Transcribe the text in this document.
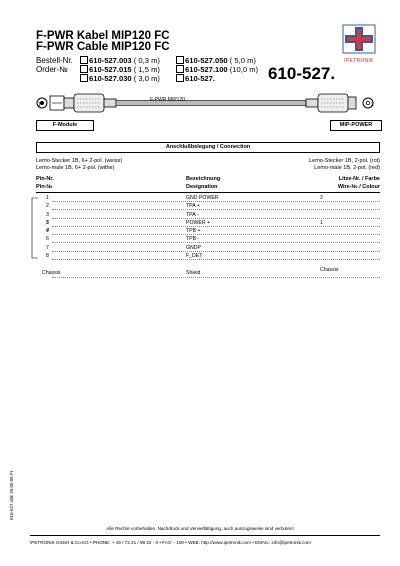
F-PWR Kabel MIP120 FC
F-PWR Cable MIP120 FC
IPETRONIK
Bestell-Nr.
Order-№
610-527.003 ( 0,3 m)
610-527.015 ( 1,5 m)
610-527.030 ( 3,0 m)
610-527.050 ( 5,0 m)
610-527.100 (10,0 m)
610-527.	610-527.
F-PWR MIP120
1	2
F-Module	MIP-POWER
Anschlußbelegung / Connection
Lemo-Stecker 1B, 6+ 2-pol. (weiss)
Lemo-male 1B, 6+ 2-pol. (withe)
Lemo-Stecker 1B, 2-pol. (rot)
Lemo-male 1B, 2-pol. (red)
Pin-Nr.
Pin-№
Bezeichnung
Designation
Litze-Nr. / Farbe
Wire-№ / Colour
1	GND POWER	2
2	TPA +
3	TPA -
5	POWER +	1
4	TPB +
6	TPB -
7	GNDP
8	F_DET
Chassis	Shield	Chassis
610-527.sldr 20.05.05 Fr
Alle Rechte vorbehalten. Nachdruck und Vervielfältigung, auch auszugsweise sind verboten!
IPETRONIK GmbH & Co.KG • PHONE: + 49 / 72 21 / 99 22 - 0 • FAX: - 100 • WEB: http://www.ipetronik.com • EMAIL: info@ipetronik.com
